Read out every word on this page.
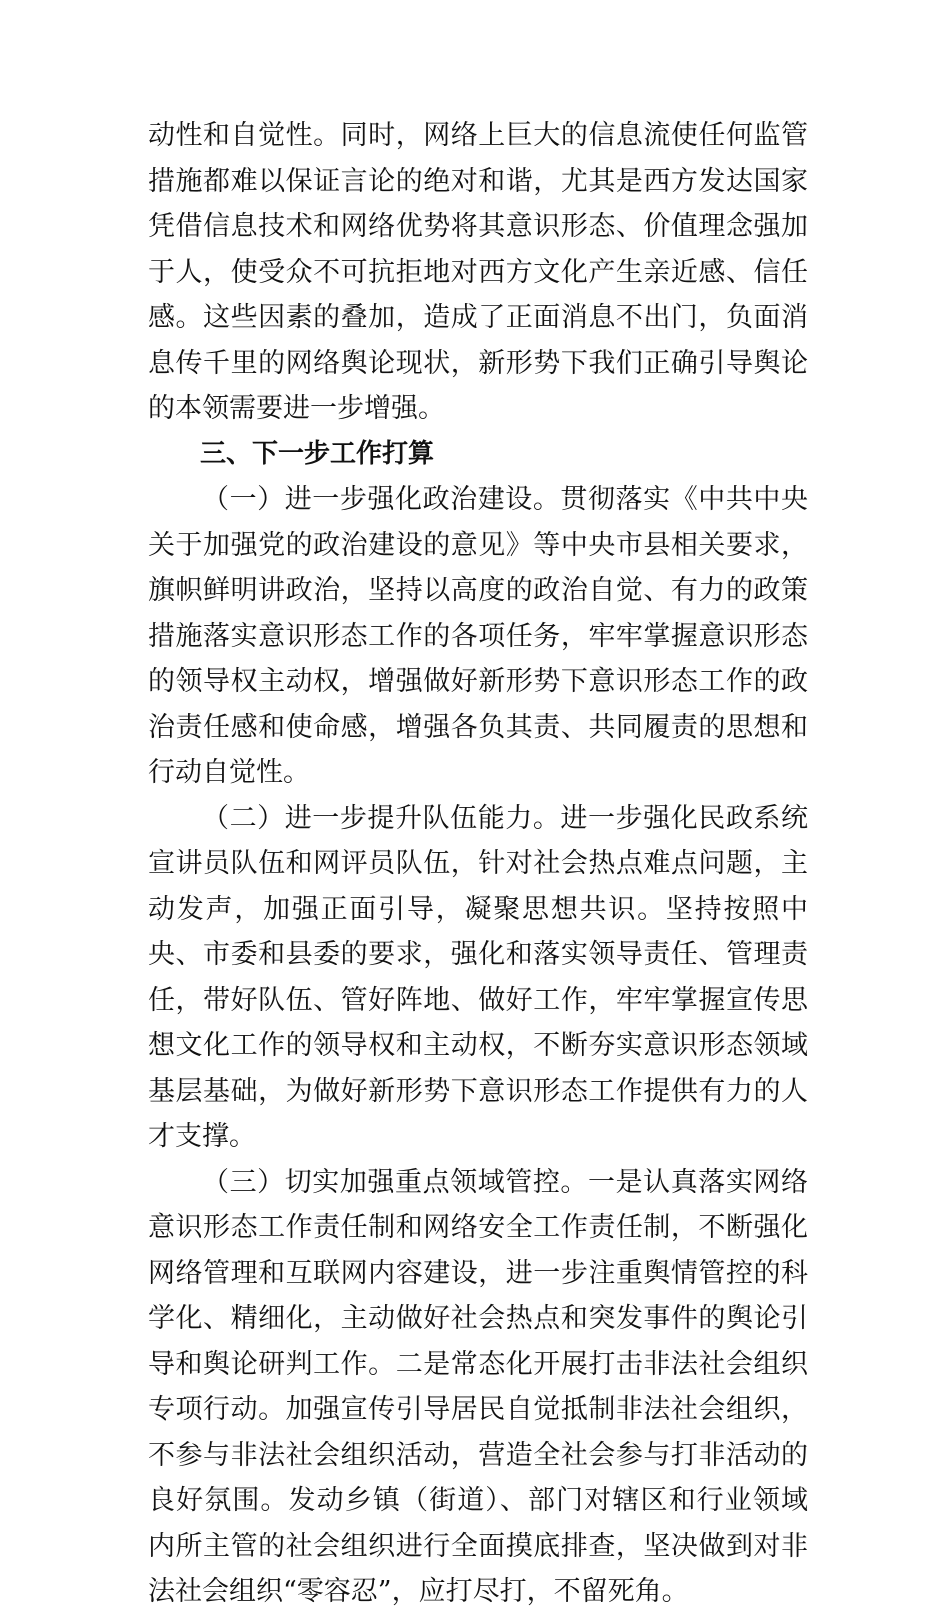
动性和自觉性。同时，网络上巨大的信息流使任何监管措施都难以保证言论的绝对和谐，尤其是西方发达国家凭借信息技术和网络优势将其意识形态、价值理念强加于人，使受众不可抗拒地对西方文化产生亲近感、信任感。这些因素的叠加，造成了正面消息不出门，负面消息传千里的网络舆论现状，新形势下我们正确引导舆论的本领需要进一步增强。

三、下一步工作打算

（一）进一步强化政治建设。贯彻落实《中共中央关于加强党的政治建设的意见》等中央市县相关要求，旗帜鲜明讲政治，坚持以高度的政治自觉、有力的政策措施落实意识形态工作的各项任务，牢牢掌握意识形态的领导权主动权，增强做好新形势下意识形态工作的政治责任感和使命感，增强各负其责、共同履责的思想和行动自觉性。

（二）进一步提升队伍能力。进一步强化民政系统宣讲员队伍和网评员队伍，针对社会热点难点问题，主动发声，加强正面引导，凝聚思想共识。坚持按照中央、市委和县委的要求，强化和落实领导责任、管理责任，带好队伍、管好阵地、做好工作，牢牢掌握宣传思想文化工作的领导权和主动权，不断夯实意识形态领域基层基础，为做好新形势下意识形态工作提供有力的人才支撑。

（三）切实加强重点领域管控。一是认真落实网络意识形态工作责任制和网络安全工作责任制，不断强化网络管理和互联网内容建设，进一步注重舆情管控的科学化、精细化，主动做好社会热点和突发事件的舆论引导和舆论研判工作。二是常态化开展打击非法社会组织专项行动。加强宣传引导居民自觉抵制非法社会组织，不参与非法社会组织活动，营造全社会参与打非活动的良好氛围。发动乡镇（街道）、部门对辖区和行业领域内所主管的社会组织进行全面摸底排查，坚决做到对非法社会组织“零容忍”，应打尽打，不留死角。
